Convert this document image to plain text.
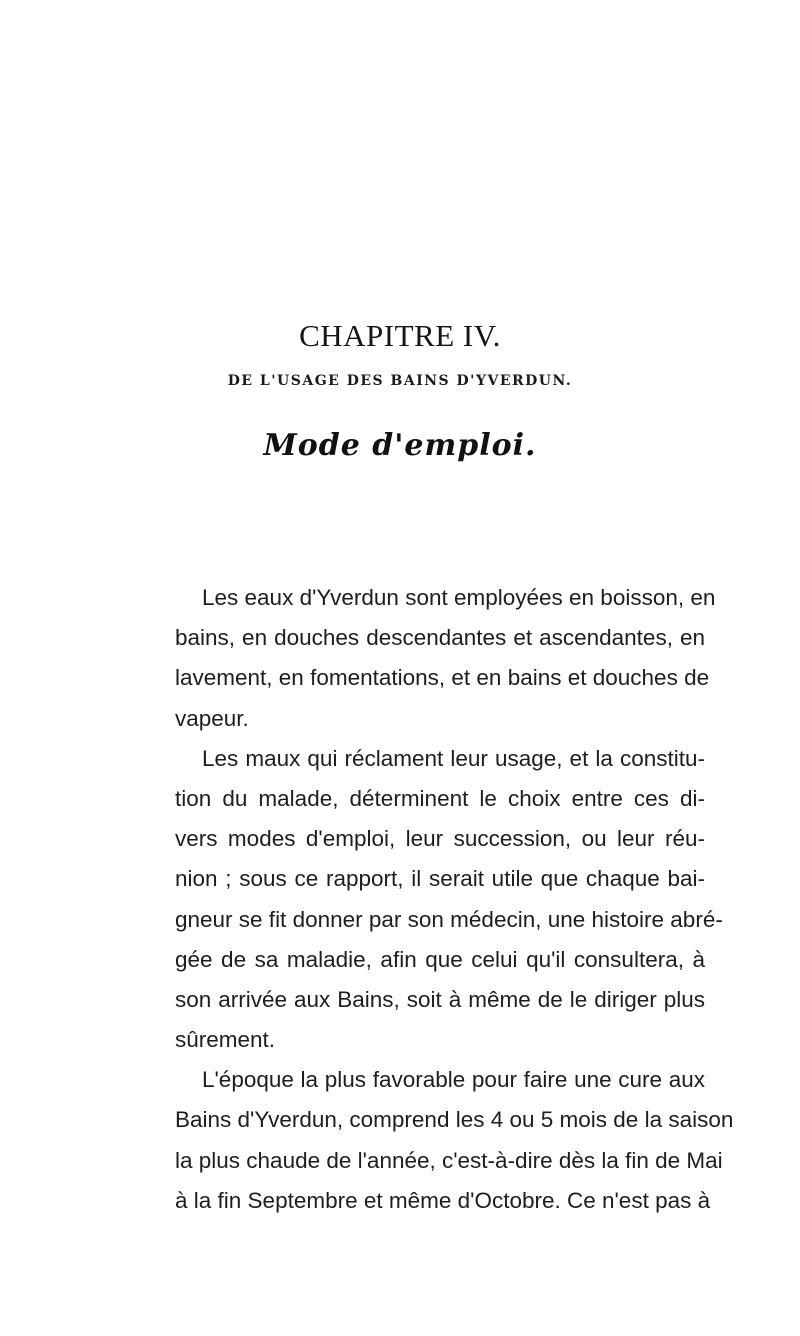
CHAPITRE IV.
DE L'USAGE DES BAINS D'YVERDUN.
Mode d'emploi.
Les eaux d'Yverdun sont employées en boisson, en
bains, en douches descendantes et ascendantes, en
lavement, en fomentations, et en bains et douches de
vapeur.
Les maux qui réclament leur usage, et la constitu-
tion du malade, déterminent le choix entre ces di-
vers modes d'emploi, leur succession, ou leur réu-
nion ; sous ce rapport, il serait utile que chaque bai-
gneur se fit donner par son médecin, une histoire abré-
gée de sa maladie, afin que celui qu'il consultera, à
son arrivée aux Bains, soit à même de le diriger plus
sûrement.
L'époque la plus favorable pour faire une cure aux
Bains d'Yverdun, comprend les 4 ou 5 mois de la saison
la plus chaude de l'année, c'est-à-dire dès la fin de Mai
à la fin Septembre et même d'Octobre. Ce n'est pas à
